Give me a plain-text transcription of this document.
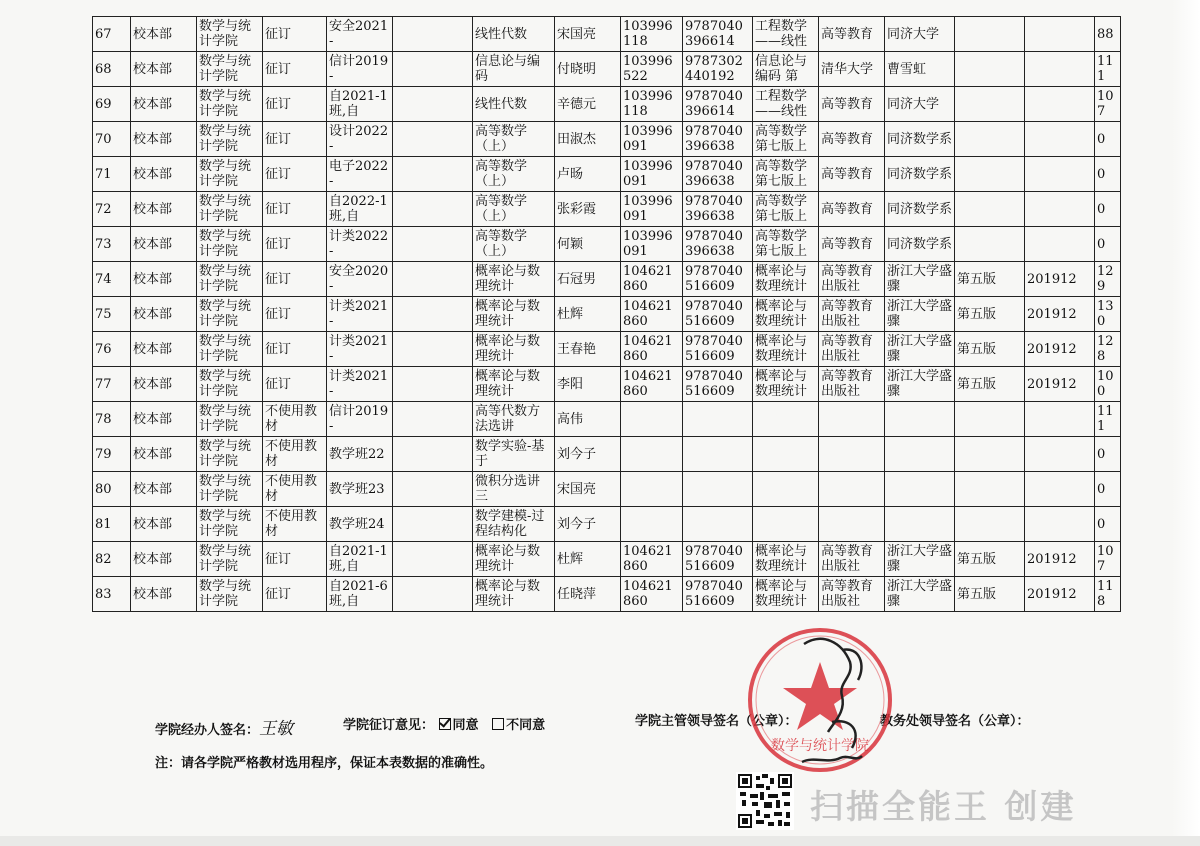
67	校本部	数学与统计学院	征订	安全2021-		线性代数	宋国亮	103996118	9787040396614	工程数学——线性	高等教育	同济大学			88
68	校本部	数学与统计学院	征订	信计2019-		信息论与编码	付晓明	103996522	9787302440192	信息论与编码 第	清华大学	曹雪虹			111
69	校本部	数学与统计学院	征订	自2021-1班,自		线性代数	辛德元	103996118	9787040396614	工程数学——线性	高等教育	同济大学			107
70	校本部	数学与统计学院	征订	设计2022-		高等数学（上）	田淑杰	103996091	9787040396638	高等数学第七版上	高等教育	同济数学系			0
71	校本部	数学与统计学院	征订	电子2022-		高等数学（上）	卢旸	103996091	9787040396638	高等数学第七版上	高等教育	同济数学系			0
72	校本部	数学与统计学院	征订	自2022-1班,自		高等数学（上）	张彩霞	103996091	9787040396638	高等数学第七版上	高等教育	同济数学系			0
73	校本部	数学与统计学院	征订	计类2022-		高等数学（上）	何颖	103996091	9787040396638	高等数学第七版上	高等教育	同济数学系			0
74	校本部	数学与统计学院	征订	安全2020-		概率论与数理统计	石冠男	104621860	9787040516609	概率论与数理统计	高等教育出版社	浙江大学盛骤	第五版	201912	129
75	校本部	数学与统计学院	征订	计类2021-		概率论与数理统计	杜辉	104621860	9787040516609	概率论与数理统计	高等教育出版社	浙江大学盛骤	第五版	201912	130
76	校本部	数学与统计学院	征订	计类2021-		概率论与数理统计	王春艳	104621860	9787040516609	概率论与数理统计	高等教育出版社	浙江大学盛骤	第五版	201912	128
77	校本部	数学与统计学院	征订	计类2021-		概率论与数理统计	李阳	104621860	9787040516609	概率论与数理统计	高等教育出版社	浙江大学盛骤	第五版	201912	100
78	校本部	数学与统计学院	不使用教材	信计2019-		高等代数方法选讲	高伟								111
79	校本部	数学与统计学院	不使用教材	教学班22		数学实验-基于	刘今子								0
80	校本部	数学与统计学院	不使用教材	教学班23		微积分选讲三	宋国亮								0
81	校本部	数学与统计学院	不使用教材	教学班24		数学建模-过程结构化	刘今子								0
82	校本部	数学与统计学院	征订	自2021-1班,自		概率论与数理统计	杜辉	104621860	9787040516609	概率论与数理统计	高等教育出版社	浙江大学盛骤	第五版	201912	107
83	校本部	数学与统计学院	征订	自2021-6班,自		概率论与数理统计	任晓萍	104621860	9787040516609	概率论与数理统计	高等教育出版社	浙江大学盛骤	第五版	201912	118
学院经办人签名：王敏	学院征订意见： 同意 不同意	学院主管领导签名（公章）：	教务处领导签名（公章）：
注：请各学院严格教材选用程序，保证本表数据的准确性。
数学与统计学院
扫描全能王 创建
